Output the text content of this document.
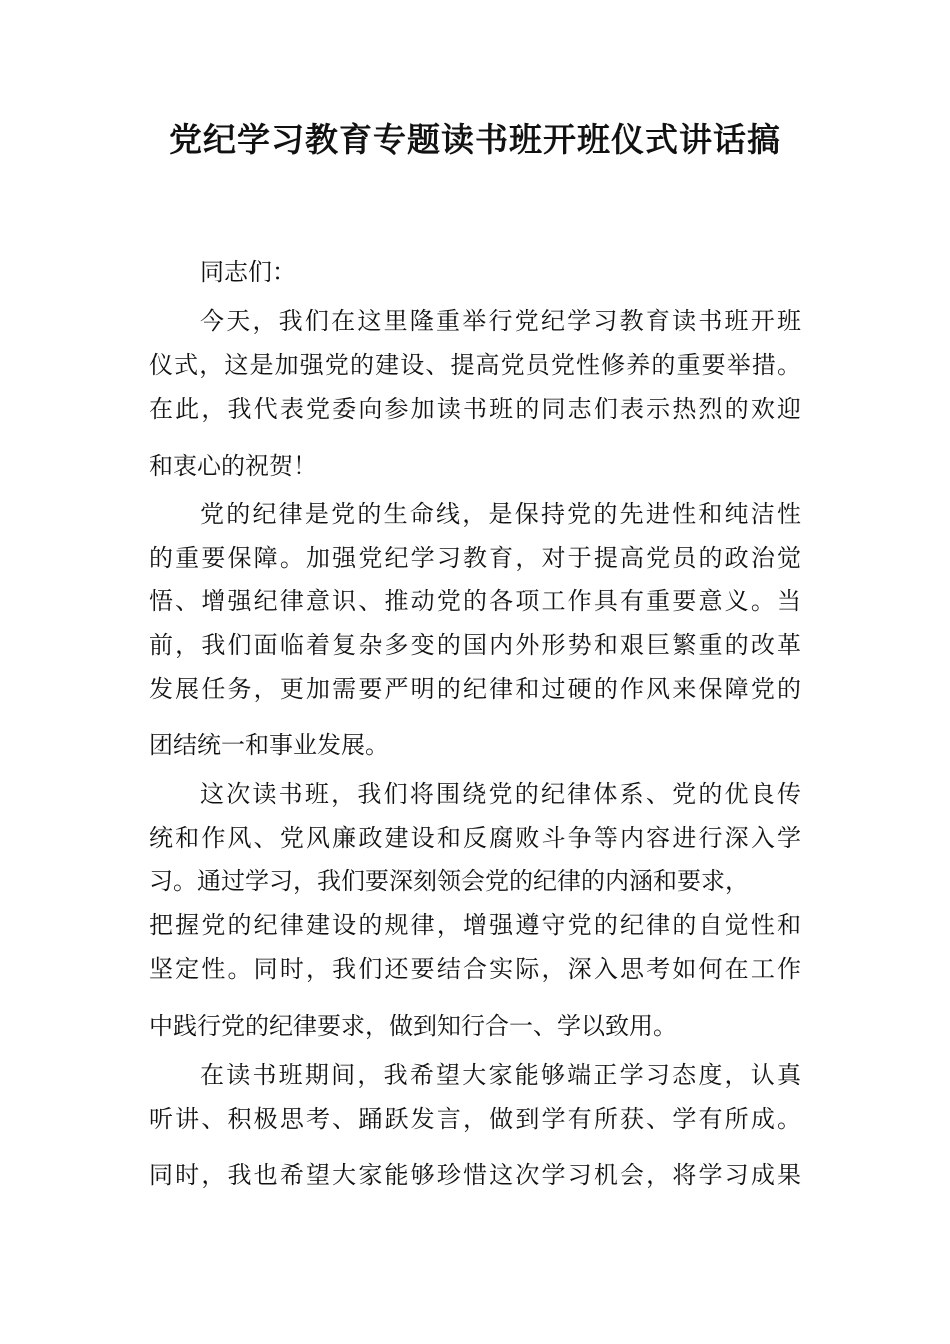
党纪学习教育专题读书班开班仪式讲话搞

同志们：

今天，我们在这里隆重举行党纪学习教育读书班开班

仪式，这是加强党的建设、提高党员党性修养的重要举措。

在此，我代表党委向参加读书班的同志们表示热烈的欢迎

和衷心的祝贺！

党的纪律是党的生命线，是保持党的先进性和纯洁性

的重要保障。加强党纪学习教育，对于提高党员的政治觉

悟、增强纪律意识、推动党的各项工作具有重要意义。当

前，我们面临着复杂多变的国内外形势和艰巨繁重的改革

发展任务，更加需要严明的纪律和过硬的作风来保障党的

团结统一和事业发展。

这次读书班，我们将围绕党的纪律体系、党的优良传

统和作风、党风廉政建设和反腐败斗争等内容进行深入学

习。通过学习，我们要深刻领会党的纪律的内涵和要求，

把握党的纪律建设的规律，增强遵守党的纪律的自觉性和

坚定性。同时，我们还要结合实际，深入思考如何在工作

中践行党的纪律要求，做到知行合一、学以致用。

在读书班期间，我希望大家能够端正学习态度，认真

听讲、积极思考、踊跃发言，做到学有所获、学有所成。

同时，我也希望大家能够珍惜这次学习机会，将学习成果
